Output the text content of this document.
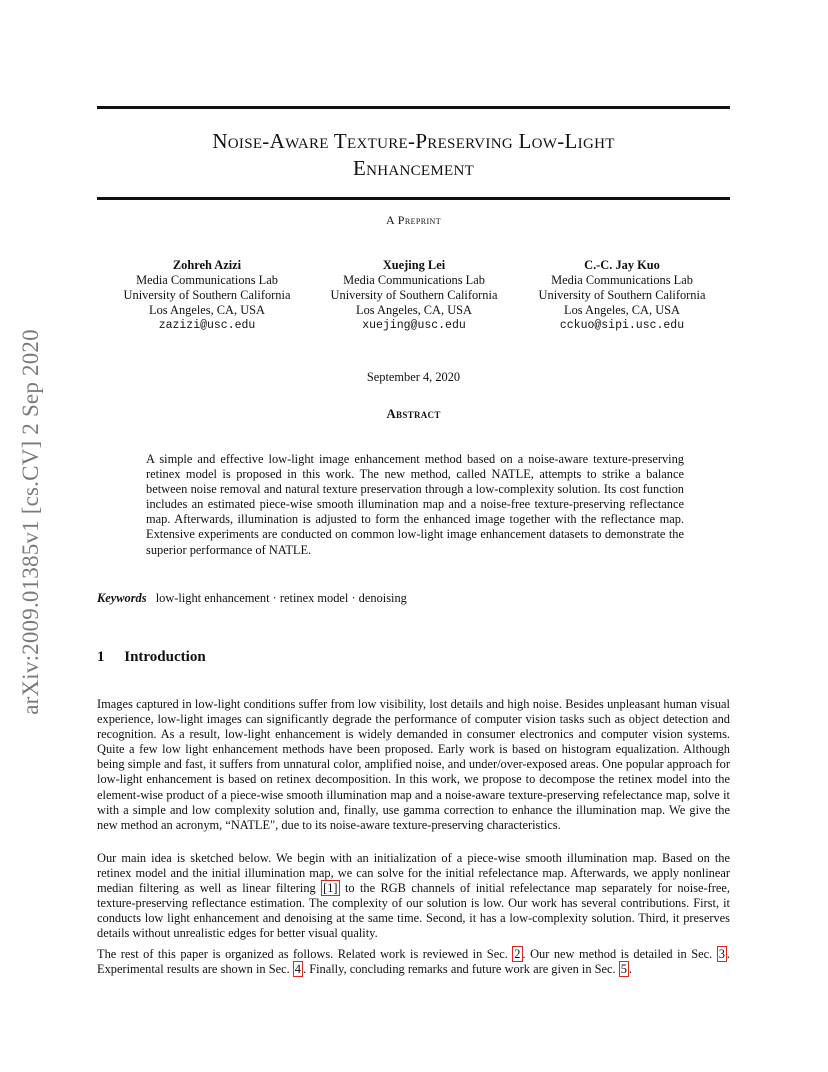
arXiv:2009.01385v1 [cs.CV] 2 Sep 2020
Noise-Aware Texture-Preserving Low-Light
Enhancement
A Preprint
Zohreh Azizi
Media Communications Lab
University of Southern California
Los Angeles, CA, USA
zazizi@usc.edu
Xuejing Lei
Media Communications Lab
University of Southern California
Los Angeles, CA, USA
xuejing@usc.edu
C.-C. Jay Kuo
Media Communications Lab
University of Southern California
Los Angeles, CA, USA
cckuo@sipi.usc.edu
September 4, 2020
Abstract
A simple and effective low-light image enhancement method based on a noise-aware texture-preserving retinex model is proposed in this work. The new method, called NATLE, attempts to strike a balance between noise removal and natural texture preservation through a low-complexity solution. Its cost function includes an estimated piece-wise smooth illumination map and a noise-free texture-preserving reflectance map. Afterwards, illumination is adjusted to form the enhanced image together with the reflectance map. Extensive experiments are conducted on common low-light image enhancement datasets to demonstrate the superior performance of NATLE.
Keywords low-light enhancement · retinex model · denoising
1 Introduction
Images captured in low-light conditions suffer from low visibility, lost details and high noise. Besides unpleasant human visual experience, low-light images can significantly degrade the performance of computer vision tasks such as object detection and recognition. As a result, low-light enhancement is widely demanded in consumer electronics and computer vision systems. Quite a few low light enhancement methods have been proposed. Early work is based on histogram equalization. Although being simple and fast, it suffers from unnatural color, amplified noise, and under/over-exposed areas. One popular approach for low-light enhancement is based on retinex decomposition. In this work, we propose to decompose the retinex model into the element-wise product of a piece-wise smooth illumination map and a noise-aware texture-preserving refelectance map, solve it with a simple and low complexity solution and, finally, use gamma correction to enhance the illumination map. We give the new method an acronym, “NATLE", due to its noise-aware texture-preserving characteristics.
Our main idea is sketched below. We begin with an initialization of a piece-wise smooth illumination map. Based on the retinex model and the initial illumination map, we can solve for the initial refelectance map. Afterwards, we apply nonlinear median filtering as well as linear filtering [1] to the RGB channels of initial refelectance map separately for noise-free, texture-preserving reflectance estimation. The complexity of our solution is low. Our work has several contributions. First, it conducts low light enhancement and denoising at the same time. Second, it has a low-complexity solution. Third, it preserves details without unrealistic edges for better visual quality.
The rest of this paper is organized as follows. Related work is reviewed in Sec. 2 . Our new method is detailed in Sec. 3 . Experimental results are shown in Sec. 4 . Finally, concluding remarks and future work are given in Sec. 5 .
